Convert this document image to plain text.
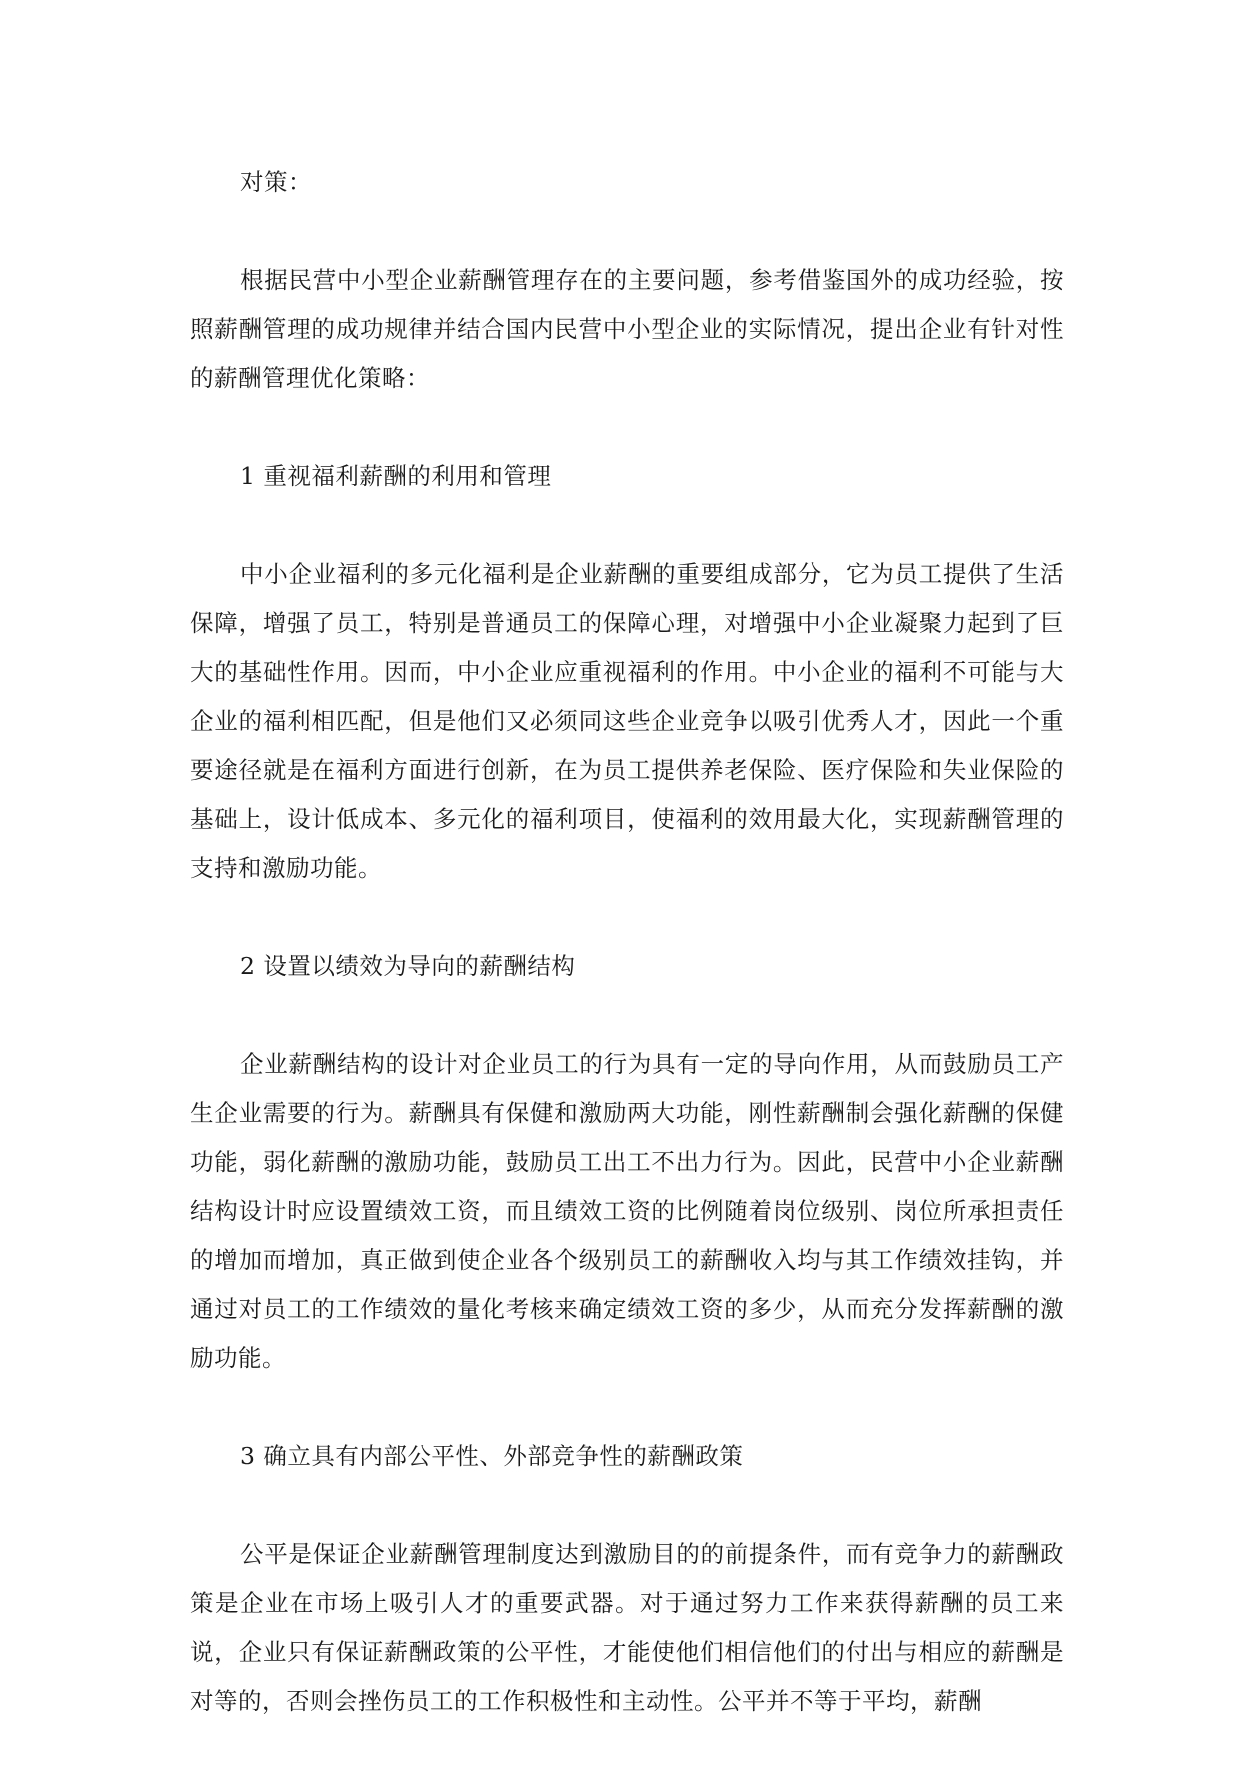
对策：

根据民营中小型企业薪酬管理存在的主要问题，参考借鉴国外的成功经验，按照薪酬管理的成功规律并结合国内民营中小型企业的实际情况，提出企业有针对性的薪酬管理优化策略：

1 重视福利薪酬的利用和管理

中小企业福利的多元化福利是企业薪酬的重要组成部分，它为员工提供了生活保障，增强了员工，特别是普通员工的保障心理，对增强中小企业凝聚力起到了巨大的基础性作用。因而，中小企业应重视福利的作用。中小企业的福利不可能与大企业的福利相匹配，但是他们又必须同这些企业竞争以吸引优秀人才，因此一个重要途径就是在福利方面进行创新，在为员工提供养老保险、医疗保险和失业保险的基础上，设计低成本、多元化的福利项目，使福利的效用最大化，实现薪酬管理的支持和激励功能。

2 设置以绩效为导向的薪酬结构

企业薪酬结构的设计对企业员工的行为具有一定的导向作用，从而鼓励员工产生企业需要的行为。薪酬具有保健和激励两大功能，刚性薪酬制会强化薪酬的保健功能，弱化薪酬的激励功能，鼓励员工出工不出力行为。因此，民营中小企业薪酬结构设计时应设置绩效工资，而且绩效工资的比例随着岗位级别、岗位所承担责任的增加而增加，真正做到使企业各个级别员工的薪酬收入均与其工作绩效挂钩，并通过对员工的工作绩效的量化考核来确定绩效工资的多少，从而充分发挥薪酬的激励功能。

3 确立具有内部公平性、外部竞争性的薪酬政策

公平是保证企业薪酬管理制度达到激励目的的前提条件，而有竞争力的薪酬政策是企业在市场上吸引人才的重要武器。对于通过努力工作来获得薪酬的员工来说，企业只有保证薪酬政策的公平性，才能使他们相信他们的付出与相应的薪酬是对等的，否则会挫伤员工的工作积极性和主动性。公平并不等于平均，薪酬
